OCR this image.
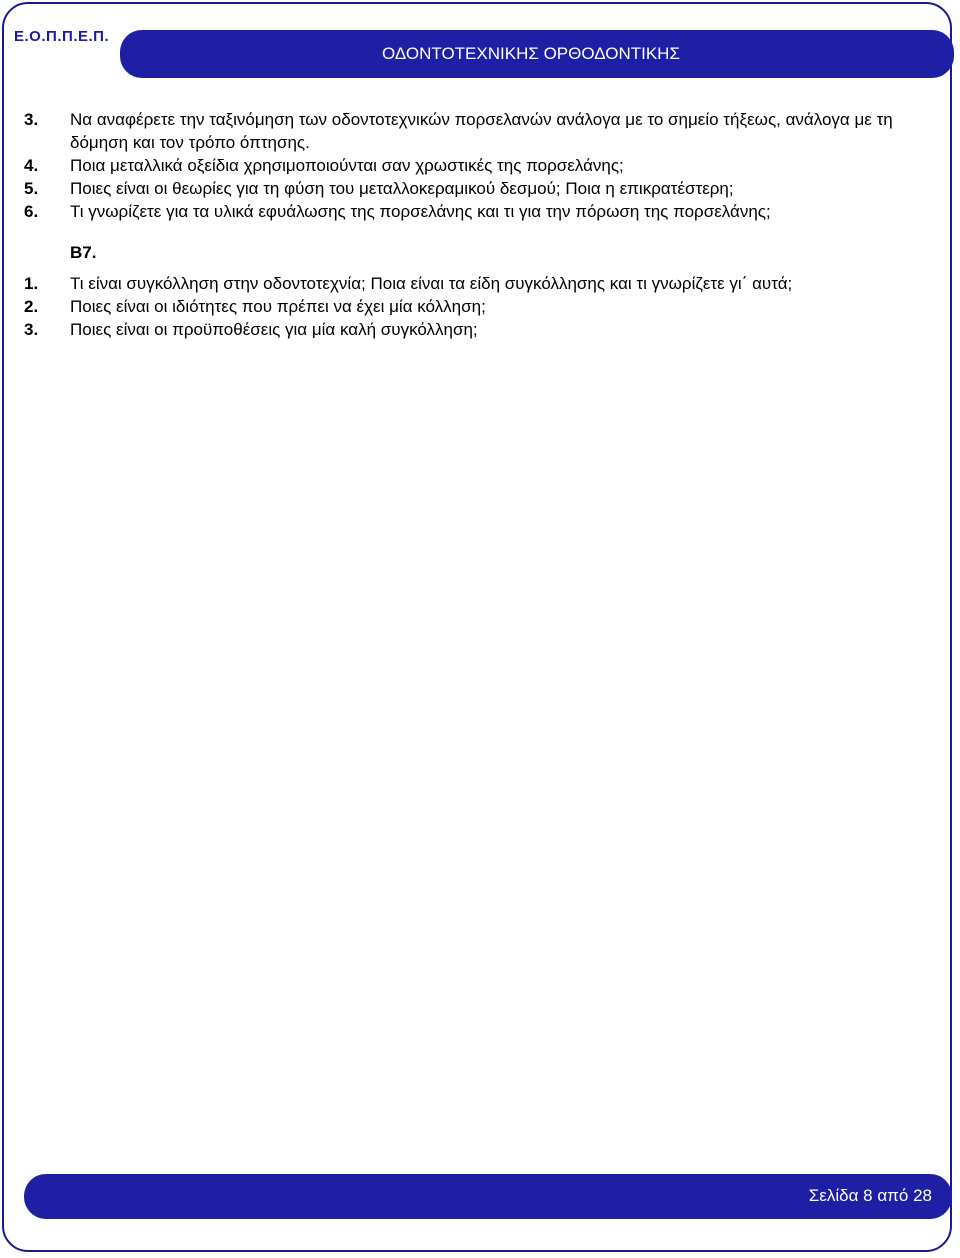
Ε.Ο.Π.Π.Ε.Π.
ΟΔΟΝΤΟΤΕΧΝΙΚΗΣ ΟΡΘΟΔΟΝΤΙΚΗΣ
3.	Να αναφέρετε την ταξινόμηση των οδοντοτεχνικών πορσελανών ανάλογα με το σημείο τήξεως, ανάλογα με τη δόμηση και τον τρόπο όπτησης.
4.	Ποια μεταλλικά οξείδια χρησιμοποιούνται σαν χρωστικές της πορσελάνης;
5.	Ποιες είναι οι θεωρίες για τη φύση του μεταλλοκεραμικού δεσμού; Ποια η επικρατέστερη;
6.	Τι γνωρίζετε για τα υλικά εφυάλωσης της πορσελάνης και τι για την πόρωση της πορσελάνης;
Β7.
1.	Τι είναι συγκόλληση στην οδοντοτεχνία; Ποια είναι τα είδη συγκόλλησης και τι γνωρίζετε γι΄ αυτά;
2.	Ποιες είναι οι ιδιότητες που πρέπει να έχει μία κόλληση;
3.	Ποιες είναι οι προϋποθέσεις για μία καλή συγκόλληση;
Σελίδα 8 από 28
